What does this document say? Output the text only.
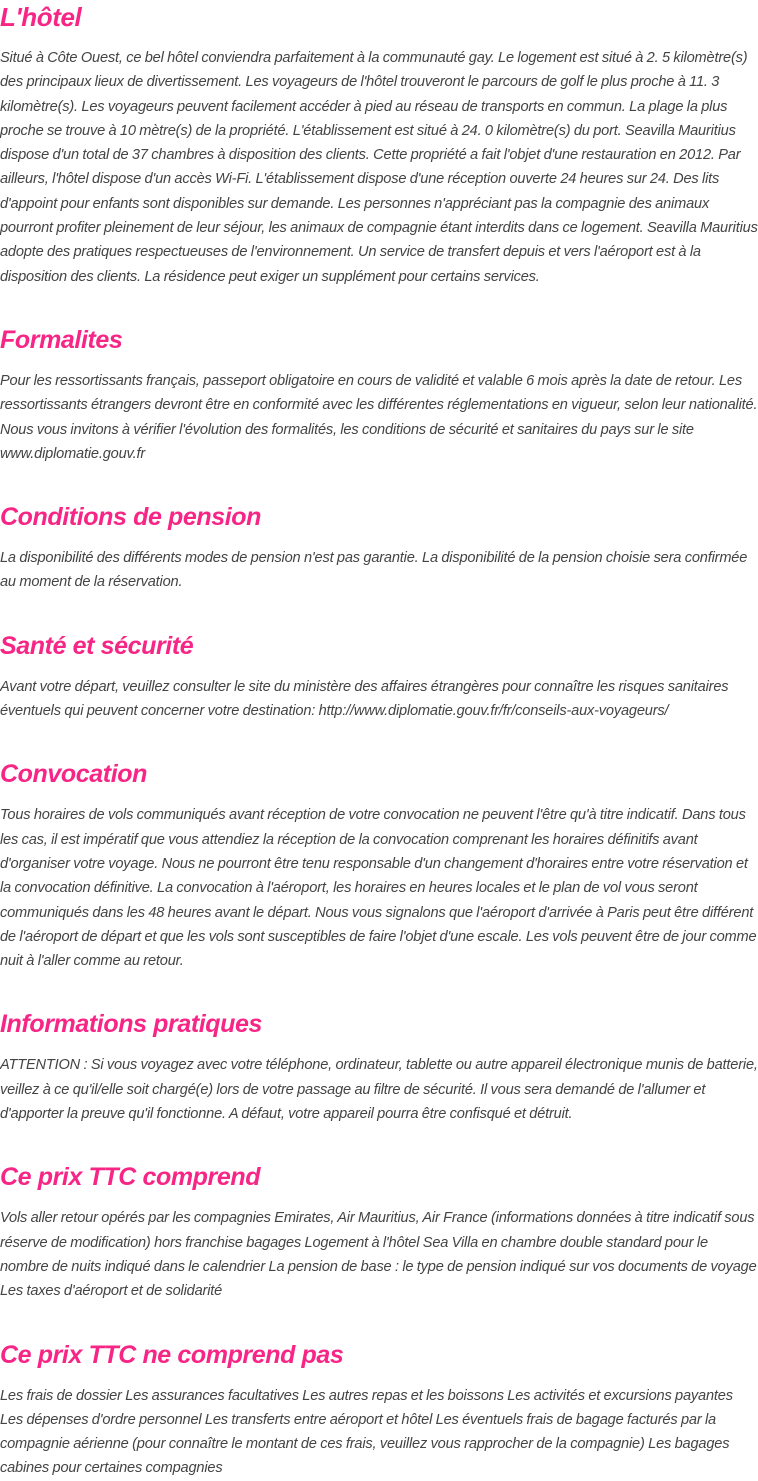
L'hôtel

Situé à Côte Ouest, ce bel hôtel conviendra parfaitement à la communauté gay. Le logement est situé à 2. 5 kilomètre(s) des principaux lieux de divertissement. Les voyageurs de l'hôtel trouveront le parcours de golf le plus proche à 11. 3 kilomètre(s). Les voyageurs peuvent facilement accéder à pied au réseau de transports en commun. La plage la plus proche se trouve à 10 mètre(s) de la propriété. L'établissement est situé à 24. 0 kilomètre(s) du port. Seavilla Mauritius dispose d'un total de 37 chambres à disposition des clients. Cette propriété a fait l'objet d'une restauration en 2012. Par ailleurs, l'hôtel dispose d'un accès Wi-Fi. L'établissement dispose d'une réception ouverte 24 heures sur 24. Des lits d'appoint pour enfants sont disponibles sur demande. Les personnes n'appréciant pas la compagnie des animaux pourront profiter pleinement de leur séjour, les animaux de compagnie étant interdits dans ce logement. Seavilla Mauritius adopte des pratiques respectueuses de l'environnement. Un service de transfert depuis et vers l'aéroport est à la disposition des clients. La résidence peut exiger un supplément pour certains services.

Formalites

Pour les ressortissants français, passeport obligatoire en cours de validité et valable 6 mois après la date de retour. Les ressortissants étrangers devront être en conformité avec les différentes réglementations en vigueur, selon leur nationalité. Nous vous invitons à vérifier l'évolution des formalités, les conditions de sécurité et sanitaires du pays sur le site www.diplomatie.gouv.fr

Conditions de pension

La disponibilité des différents modes de pension n'est pas garantie. La disponibilité de la pension choisie sera confirmée au moment de la réservation.

Santé et sécurité

Avant votre départ, veuillez consulter le site du ministère des affaires étrangères pour connaître les risques sanitaires éventuels qui peuvent concerner votre destination: http://www.diplomatie.gouv.fr/fr/conseils-aux-voyageurs/

Convocation

Tous horaires de vols communiqués avant réception de votre convocation ne peuvent l'être qu'à titre indicatif. Dans tous les cas, il est impératif que vous attendiez la réception de la convocation comprenant les horaires définitifs avant d'organiser votre voyage. Nous ne pourront être tenu responsable d'un changement d'horaires entre votre réservation et la convocation définitive. La convocation à l'aéroport, les horaires en heures locales et le plan de vol vous seront communiqués dans les 48 heures avant le départ. Nous vous signalons que l'aéroport d'arrivée à Paris peut être différent de l'aéroport de départ et que les vols sont susceptibles de faire l'objet d'une escale. Les vols peuvent être de jour comme nuit à l'aller comme au retour.

Informations pratiques

ATTENTION : Si vous voyagez avec votre téléphone, ordinateur, tablette ou autre appareil électronique munis de batterie, veillez à ce qu'il/elle soit chargé(e) lors de votre passage au filtre de sécurité. Il vous sera demandé de l'allumer et d'apporter la preuve qu'il fonctionne. A défaut, votre appareil pourra être confisqué et détruit.

Ce prix TTC comprend

Vols aller retour opérés par les compagnies Emirates, Air Mauritius, Air France (informations données à titre indicatif sous réserve de modification) hors franchise bagages Logement à l'hôtel Sea Villa en chambre double standard pour le nombre de nuits indiqué dans le calendrier La pension de base : le type de pension indiqué sur vos documents de voyage Les taxes d'aéroport et de solidarité

Ce prix TTC ne comprend pas

Les frais de dossier Les assurances facultatives Les autres repas et les boissons Les activités et excursions payantes Les dépenses d'ordre personnel Les transferts entre aéroport et hôtel Les éventuels frais de bagage facturés par la compagnie aérienne (pour connaître le montant de ces frais, veuillez vous rapprocher de la compagnie) Les bagages cabines pour certaines compagnies
